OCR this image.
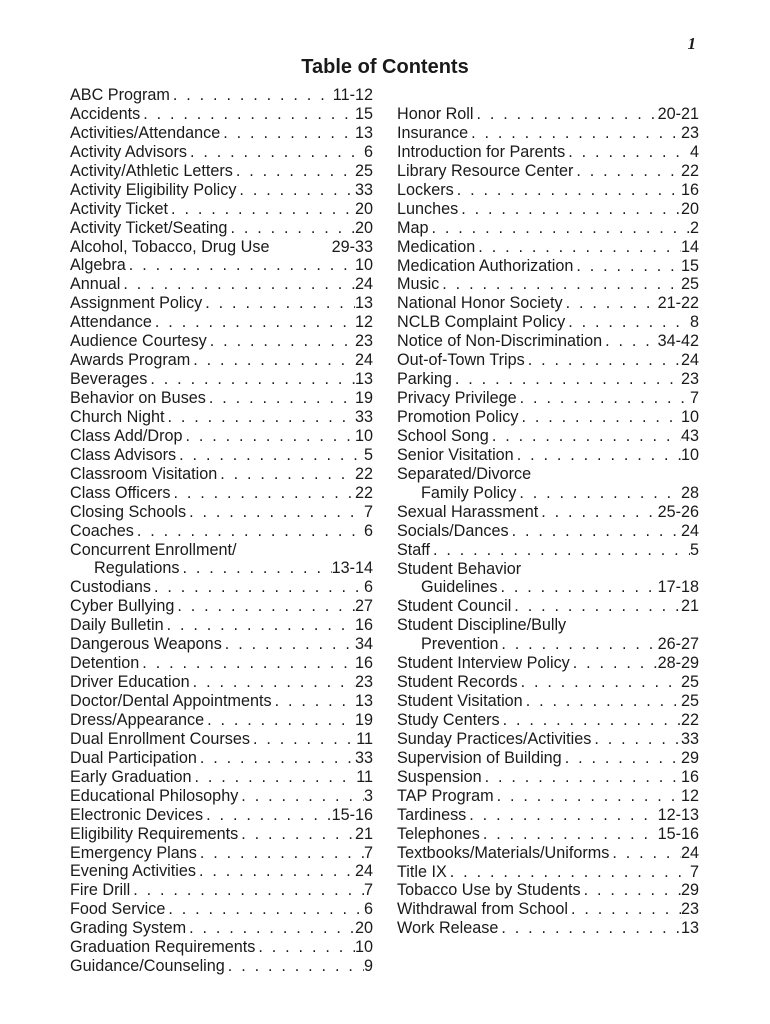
1
Table of Contents
ABC Program . . .	11-12
Accidents . . .	15
Activities/Attendance . . .	13
Activity Advisors . . .	6
Activity/Athletic Letters . . .	25
Activity Eligibility Policy . . .	33
Activity Ticket . . .	20
Activity Ticket/Seating . . .	20
Alcohol, Tobacco, Drug Use	29-33
Algebra . . .	10
Annual . . .	24
Assignment Policy . . .	13
Attendance . . .	12
Audience Courtesy . . .	23
Awards Program . . .	24
Beverages . . .	13
Behavior on Buses . . .	19
Church Night . . .	33
Class Add/Drop . . .	10
Class Advisors . . .	5
Classroom Visitation . . .	22
Class Officers . . .	22
Closing Schools . . .	7
Coaches . . .	6
Concurrent Enrollment/
Regulations . . .	13-14
Custodians . . .	6
Cyber Bullying . . .	27
Daily Bulletin . . .	16
Dangerous Weapons . . .	34
Detention . . .	16
Driver Education . . .	23
Doctor/Dental Appointments . . .	13
Dress/Appearance . . .	19
Dual Enrollment Courses . . .	11
Dual Participation . . .	33
Early Graduation . . .	11
Educational Philosophy . . .	3
Electronic Devices . . .	15-16
Eligibility Requirements . . .	21
Emergency Plans . . .	7
Evening Activities . . .	24
Fire Drill . . .	7
Food Service . . .	6
Grading System . . .	20
Graduation Requirements . . .	10
Guidance/Counseling . . .	9
Honor Roll . . .	20-21
Insurance . . .	23
Introduction for Parents . . .	4
Library Resource Center . . .	22
Lockers . . .	16
Lunches . . .	20
Map . . .	2
Medication . . .	14
Medication Authorization . . .	15
Music . . .	25
National Honor Society . . .	21-22
NCLB Complaint Policy . . .	8
Notice of Non-Discrimination . . .	34-42
Out-of-Town Trips . . .	24
Parking . . .	23
Privacy Privilege . . .	7
Promotion Policy . . .	10
School Song . . .	43
Senior Visitation . . .	10
Separated/Divorce
Family Policy . . .	28
Sexual Harassment . . .	25-26
Socials/Dances . . .	24
Staff . . .	5
Student Behavior
Guidelines . . .	17-18
Student Council . . .	21
Student Discipline/Bully
Prevention . . .	26-27
Student Interview Policy . . .	28-29
Student Records . . .	25
Student Visitation . . .	25
Study Centers . . .	22
Sunday Practices/Activities . . .	33
Supervision of Building . . .	29
Suspension . . .	16
TAP Program . . .	12
Tardiness . . .	12-13
Telephones . . .	15-16
Textbooks/Materials/Uniforms . . .	24
Title IX . . .	7
Tobacco Use by Students . . .	29
Withdrawal from School . . .	23
Work Release . . .	13
